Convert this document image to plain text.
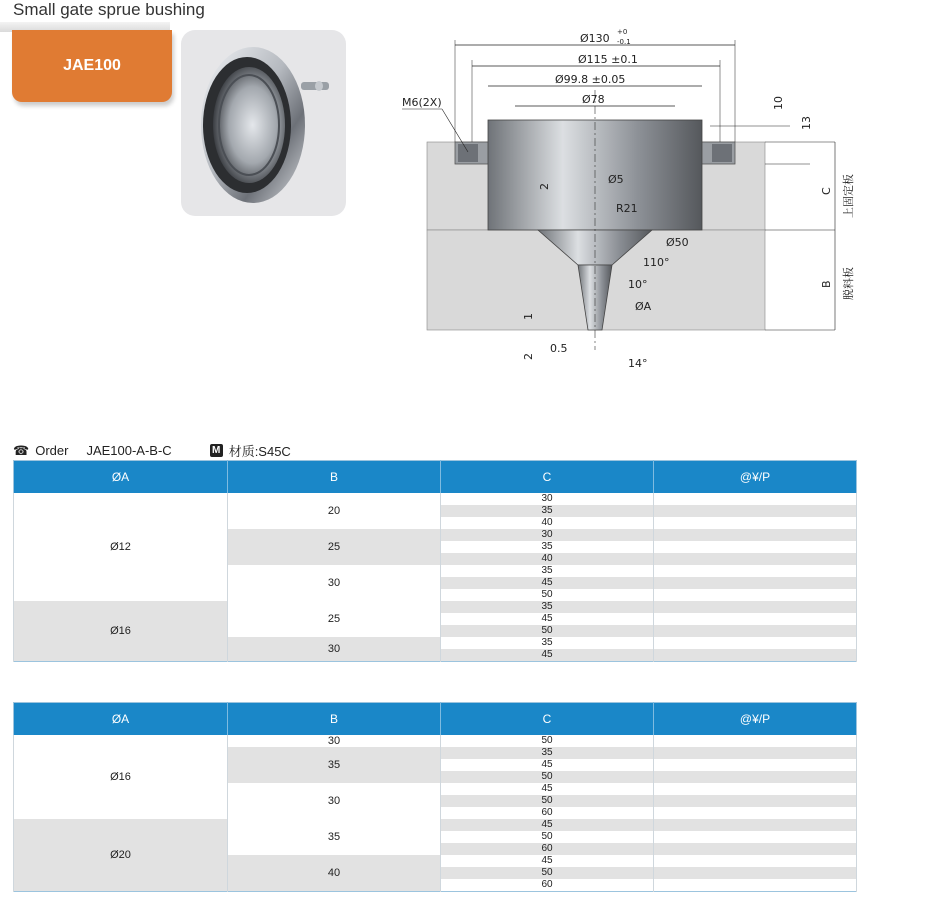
Small gate sprue bushing
JAE100
Ø130 +0
-0.1
Ø115 ±0.1
Ø99.8 ±0.05
Ø78
M6(2X)	10
13
C 上固定板
B 脱料板
2
Ø5
R21
Ø50
110°
10°
ØA
1
2
0.5
14°
☎ Order JAE100-A-B-C	M 材质:S45C
ØA	B	C	@¥/P
Ø12	20	30	
		35	
		40	
	25	30	
		35	
		40	
	30	35	
		45	
		50	
Ø16	25	35	
		45	
		50	
	30	35	
		45	
ØA	B	C	@¥/P
Ø16	30	50	
	35	35	
		45	
		50	
	30	45	
		50	
		60	
Ø20	35	45	
		50	
		60	
	40	45	
		50	
		60	
